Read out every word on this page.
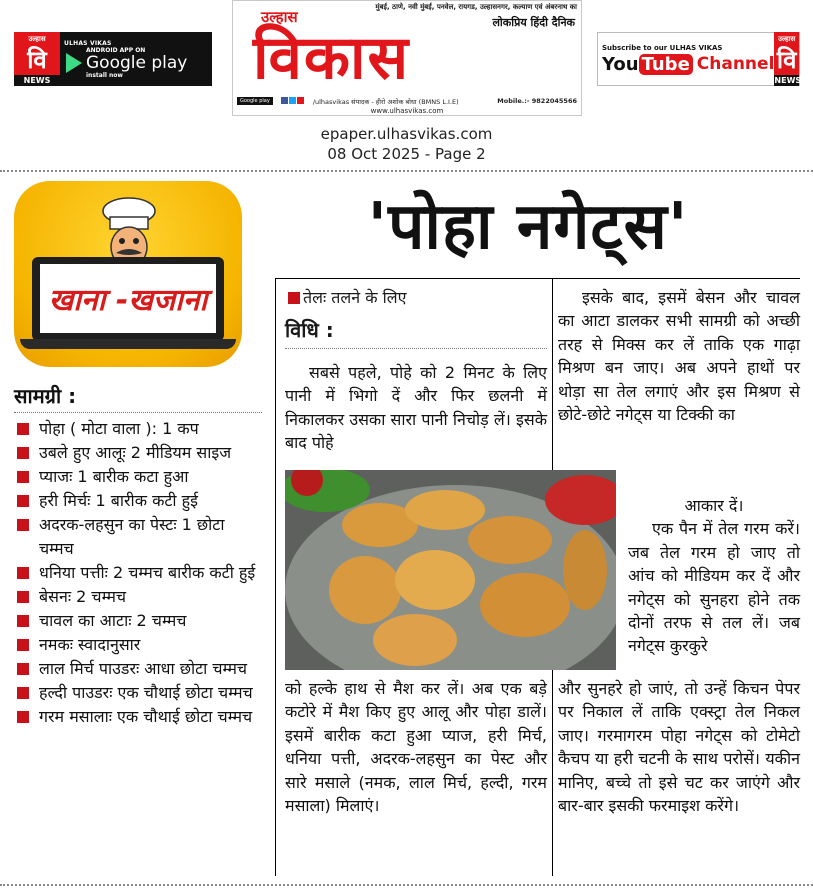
उल्हास
वि
NEWS
ULHAS VIKAS
ANDROID APP ON
Google play
install now
मुंबई, ठाणे, नवी मुंबई, पनवेल, रायगड, उल्हासनगर, कल्याण एवं अंबरनाथ का
उल्हास	लोकप्रिय हिंदी दैनिक
विकास
Google play	/ulhasvikas संपादक - हीरो अशोक बोधा (BMNS L.I.E)	Mobile.:- 9822045566
www.ulhasvikas.com
Subscribe to our ULHAS VIKAS
You Tube Channel
उल्हास
वि
NEWS
epaper.ulhasvikas.com
08 Oct 2025 - Page 2
खाना -खजाना
'पोहा नगेट्स'
सामग्री :
पोहा ( मोटा वाला ): 1 कप
उबले हुए आलूः 2 मीडियम साइज
प्याजः 1 बारीक कटा हुआ
हरी मिर्चः 1 बारीक कटी हुई
अदरक-लहसुन का पेस्टः 1 छोटा चम्मच
धनिया पत्तीः 2 चम्मच बारीक कटी हुई
बेसनः 2 चम्मच
चावल का आटाः 2 चम्मच
नमकः स्वादानुसार
लाल मिर्च पाउडरः आधा छोटा चम्मच
हल्दी पाउडरः एक चौथाई छोटा चम्मच
गरम मसालाः एक चौथाई छोटा चम्मच
तेलः तलने के लिए
विधि :

सबसे पहले, पोहे को 2 मिनट के लिए पानी में भिगो दें और फिर छलनी में निकालकर उसका सारा पानी निचोड़ लें। इसके बाद पोहे

को हल्के हाथ से मैश कर लें। अब एक बड़े कटोरे में मैश किए हुए आलू और पोहा डालें। इसमें बारीक कटा हुआ प्याज, हरी मिर्च, धनिया पत्ती, अदरक-लहसुन का पेस्ट और सारे मसाले (नमक, लाल मिर्च, हल्दी, गरम मसाला) मिलाएं।

इसके बाद, इसमें बेसन और चावल का आटा डालकर सभी सामग्री को अच्छी तरह से मिक्स कर लें ताकि एक गाढ़ा मिश्रण बन जाए। अब अपने हाथों पर थोड़ा सा तेल लगाएं और इस मिश्रण से छोटे-छोटे नगेट्स या टिक्की का

आकार दें।

एक पैन में तेल गरम करें। जब तेल गरम हो जाए तो आंच को मीडियम कर दें और नगेट्स को सुनहरा होने तक दोनों तरफ से तल लें। जब नगेट्स कुरकुरे

और सुनहरे हो जाएं, तो उन्हें किचन पेपर पर निकाल लें ताकि एक्स्ट्रा तेल निकल जाए। गरमागरम पोहा नगेट्स को टोमेटो कैचप या हरी चटनी के साथ परोसें। यकीन मानिए, बच्चे तो इसे चट कर जाएंगे और बार-बार इसकी फरमाइश करेंगे।
